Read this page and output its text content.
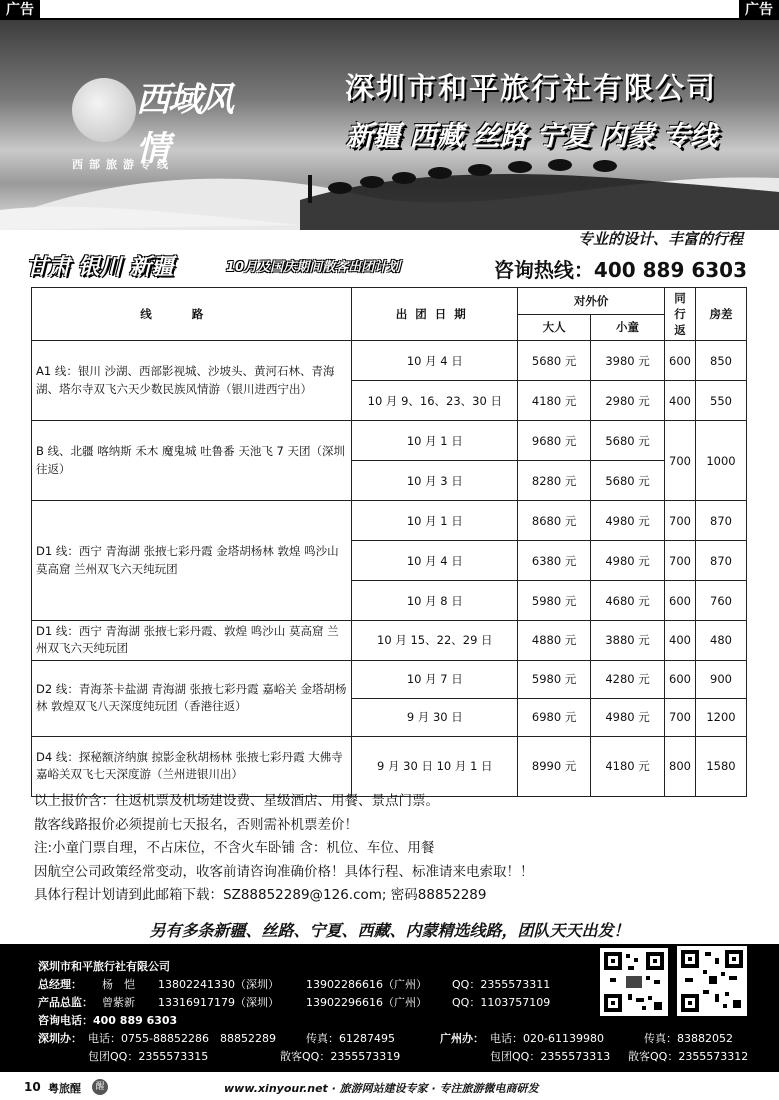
广告	广告
西域风情
西部旅游专线
深圳市和平旅行社有限公司
新疆 西藏 丝路 宁夏 内蒙 专线
专业的设计、丰富的行程
甘肃 银川 新疆	10月及国庆期间散客出团计划	咨询热线：400 889 6303
线路	出团日期	对外价		同行返	房差
		大人	小童		
A1 线：银川 沙湖、西部影视城、沙坡头、黄河石林、青海湖、塔尔寺双飞六天少数民族风情游（银川进西宁出）	10 月 4 日	5680 元	3980 元	600	850
	10 月 9、16、23、30 日	4180 元	2980 元	400	550
B 线、北疆 喀纳斯 禾木 魔鬼城 吐鲁番 天池飞 7 天团（深圳往返）	10 月 1 日	9680 元	5680 元	700	1000
	10 月 3 日	8280 元	5680 元		
D1 线：西宁 青海湖 张掖七彩丹霞 金塔胡杨林 敦煌 鸣沙山 莫高窟 兰州双飞六天纯玩团	10 月 1 日	8680 元	4980 元	700	870
	10 月 4 日	6380 元	4980 元	700	870
	10 月 8 日	5980 元	4680 元	600	760
D1 线：西宁 青海湖 张掖七彩丹霞、敦煌 鸣沙山 莫高窟 兰州双飞六天纯玩团	10 月 15、22、29 日	4880 元	3880 元	400	480
D2 线：青海茶卡盐湖 青海湖 张掖七彩丹霞 嘉峪关 金塔胡杨林 敦煌双飞八天深度纯玩团（香港往返）	10 月 7 日	5980 元	4280 元	600	900
	9 月 30 日	6980 元	4980 元	700	1200
D4 线：探秘额济纳旗 掠影金秋胡杨林 张掖七彩丹霞 大佛寺 嘉峪关双飞七天深度游（兰州进银川出）	9 月 30 日 10 月 1 日	8990 元	4180 元	800	1580
以上报价含：往返机票及机场建设费、星级酒店、用餐、景点门票。
散客线路报价必须提前七天报名，否则需补机票差价！
注:小童门票自理，不占床位，不含火车卧铺 含：机位、车位、用餐
因航空公司政策经常变动，收客前请咨询准确价格！具体行程、标准请来电索取！！
具体行程计划请到此邮箱下载：SZ88852289@126.com; 密码88852289
另有多条新疆、丝路、宁夏、西藏、内蒙精选线路，团队天天出发！
深圳市和平旅行社有限公司
总经理： 杨　恺 13802241330（深圳） 13902286616（广州） QQ：2355573311
产品总监： 曾紫新 13316917179（深圳） 13902296616（广州） QQ：1103757109
咨询电话：400 889 6303
深圳办： 电话：0755-88852286　88852289	传真：61287495	广州办： 电话：020-61139980	传真：83882052
包团QQ：2355573315	散客QQ：2355573319	包团QQ：2355573313 散客QQ：2355573312
10 粤旅醒	醒	www.xinyour.net · 旅游网站建设专家 · 专注旅游微电商研发
